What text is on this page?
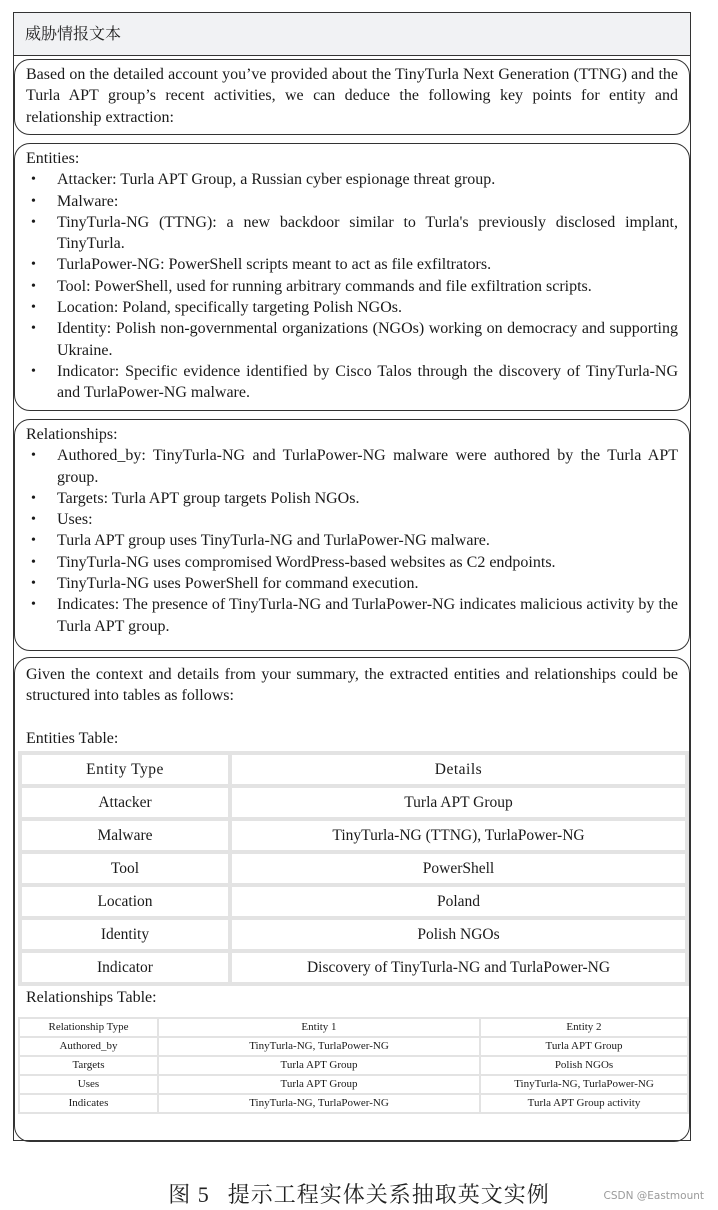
威胁情报文本

Based on the detailed account you’ve provided about the TinyTurla Next Generation (TTNG) and the Turla APT group’s recent activities, we can deduce the following key points for entity and relationship extraction:

Entities:
• Attacker: Turla APT Group, a Russian cyber espionage threat group.
• Malware:
• TinyTurla-NG (TTNG): a new backdoor similar to Turla's previously disclosed implant, TinyTurla.
• TurlaPower-NG: PowerShell scripts meant to act as file exfiltrators.
• Tool: PowerShell, used for running arbitrary commands and file exfiltration scripts.
• Location: Poland, specifically targeting Polish NGOs.
• Identity: Polish non-governmental organizations (NGOs) working on democracy and supporting Ukraine.
• Indicator: Specific evidence identified by Cisco Talos through the discovery of TinyTurla-NG and TurlaPower-NG malware.
Relationships:
• Authored_by: TinyTurla-NG and TurlaPower-NG malware were authored by the Turla APT group.
• Targets: Turla APT group targets Polish NGOs.
• Uses:
• Turla APT group uses TinyTurla-NG and TurlaPower-NG malware.
• TinyTurla-NG uses compromised WordPress-based websites as C2 endpoints.
• TinyTurla-NG uses PowerShell for command execution.
• Indicates: The presence of TinyTurla-NG and TurlaPower-NG indicates malicious activity by the Turla APT group.

Given the context and details from your summary, the extracted entities and relationships could be structured into tables as follows:

Entities Table:
Entity Type	Details
Attacker	Turla APT Group
Malware	TinyTurla-NG (TTNG), TurlaPower-NG
Tool	PowerShell
Location	Poland
Identity	Polish NGOs
Indicator	Discovery of TinyTurla-NG and TurlaPower-NG
Relationships Table:
Relationship Type	Entity 1	Entity 2
Authored_by	TinyTurla-NG, TurlaPower-NG	Turla APT Group
Targets	Turla APT Group	Polish NGOs
Uses	Turla APT Group	TinyTurla-NG, TurlaPower-NG
Indicates	TinyTurla-NG, TurlaPower-NG	Turla APT Group activity
图 5 提示工程实体关系抽取英文实例	CSDN @Eastmount
